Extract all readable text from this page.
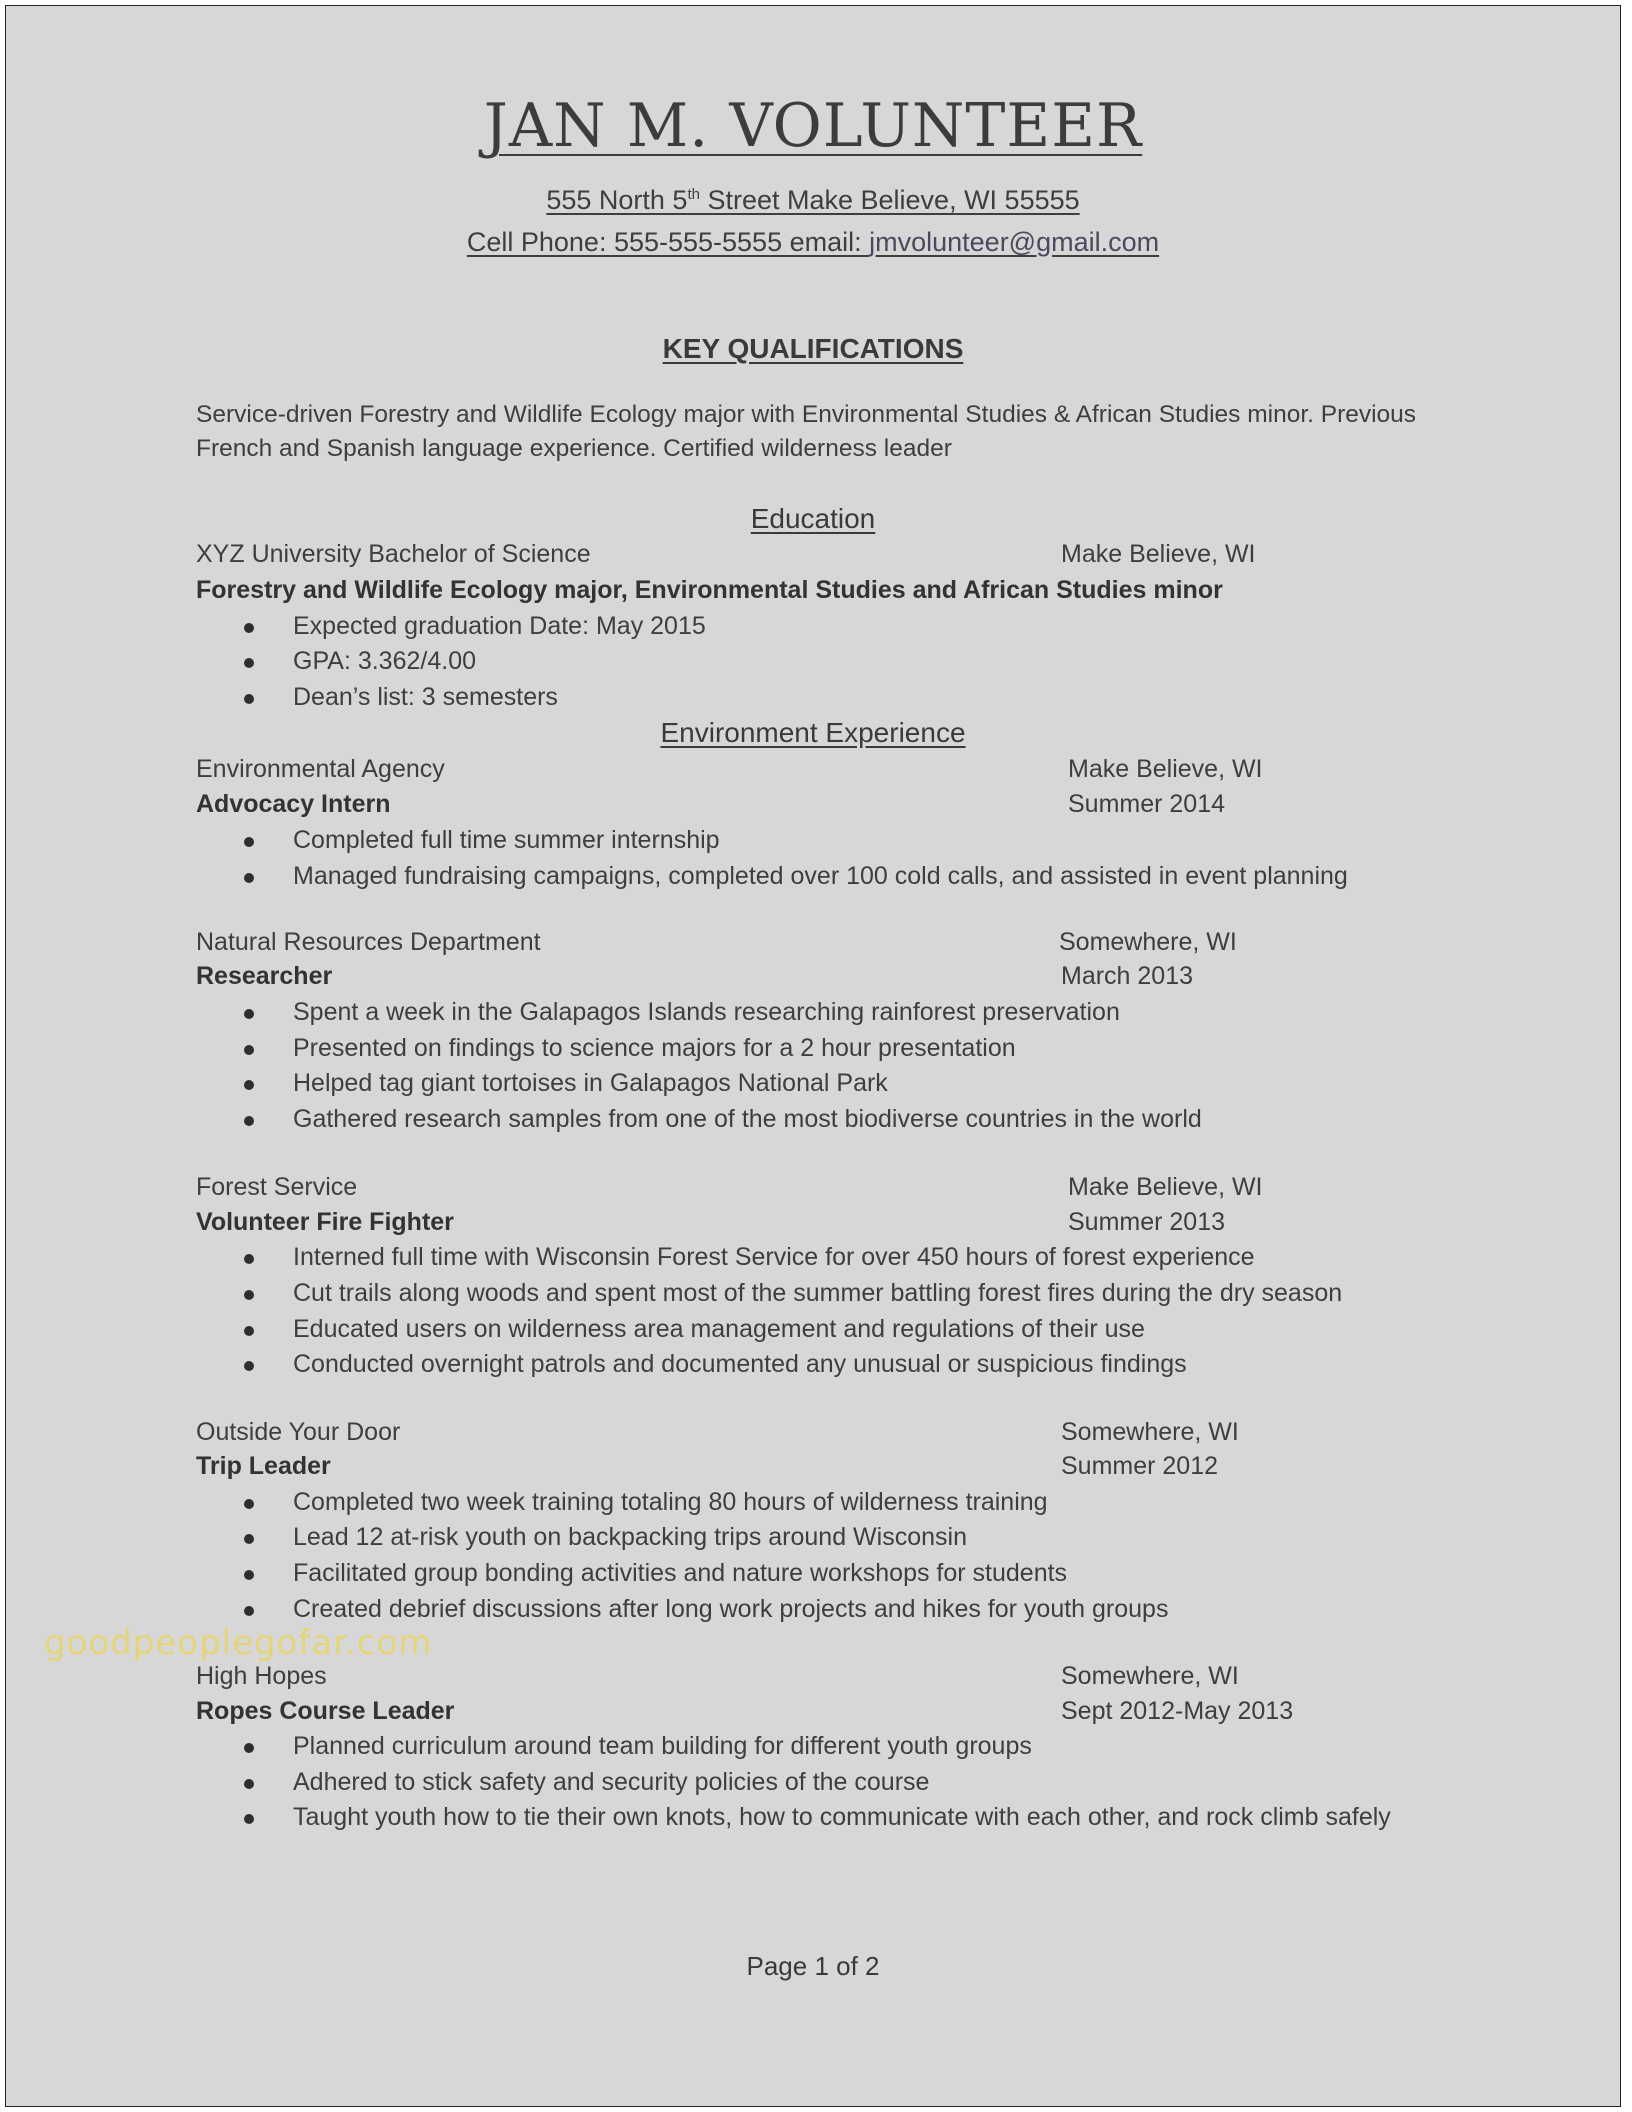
JAN M. VOLUNTEER
555 North 5th Street Make Believe, WI 55555
Cell Phone: 555-555-5555 email: jmvolunteer@gmail.com
KEY QUALIFICATIONS
Service-driven Forestry and Wildlife Ecology major with Environmental Studies & African Studies minor. Previous French and Spanish language experience. Certified wilderness leader
Education
XYZ University Bachelor of Science	Make Believe, WI
Forestry and Wildlife Ecology major, Environmental Studies and African Studies minor
Expected graduation Date: May 2015
GPA: 3.362/4.00
Dean’s list: 3 semesters
Environment Experience
Environmental Agency	Make Believe, WI
Advocacy Intern	Summer 2014
Completed full time summer internship
Managed fundraising campaigns, completed over 100 cold calls, and assisted in event planning
Natural Resources Department	Somewhere, WI
Researcher	March 2013
Spent a week in the Galapagos Islands researching rainforest preservation
Presented on findings to science majors for a 2 hour presentation
Helped tag giant tortoises in Galapagos National Park
Gathered research samples from one of the most biodiverse countries in the world
Forest Service	Make Believe, WI
Volunteer Fire Fighter	Summer 2013
Interned full time with Wisconsin Forest Service for over 450 hours of forest experience
Cut trails along woods and spent most of the summer battling forest fires during the dry season
Educated users on wilderness area management and regulations of their use
Conducted overnight patrols and documented any unusual or suspicious findings
Outside Your Door	Somewhere, WI
Trip Leader	Summer 2012
Completed two week training totaling 80 hours of wilderness training
Lead 12 at-risk youth on backpacking trips around Wisconsin
Facilitated group bonding activities and nature workshops for students
Created debrief discussions after long work projects and hikes for youth groups
High Hopes	Somewhere, WI
Ropes Course Leader	Sept 2012-May 2013
Planned curriculum around team building for different youth groups
Adhered to stick safety and security policies of the course
Taught youth how to tie their own knots, how to communicate with each other, and rock climb safely
Page 1 of 2
goodpeoplegofar.com
